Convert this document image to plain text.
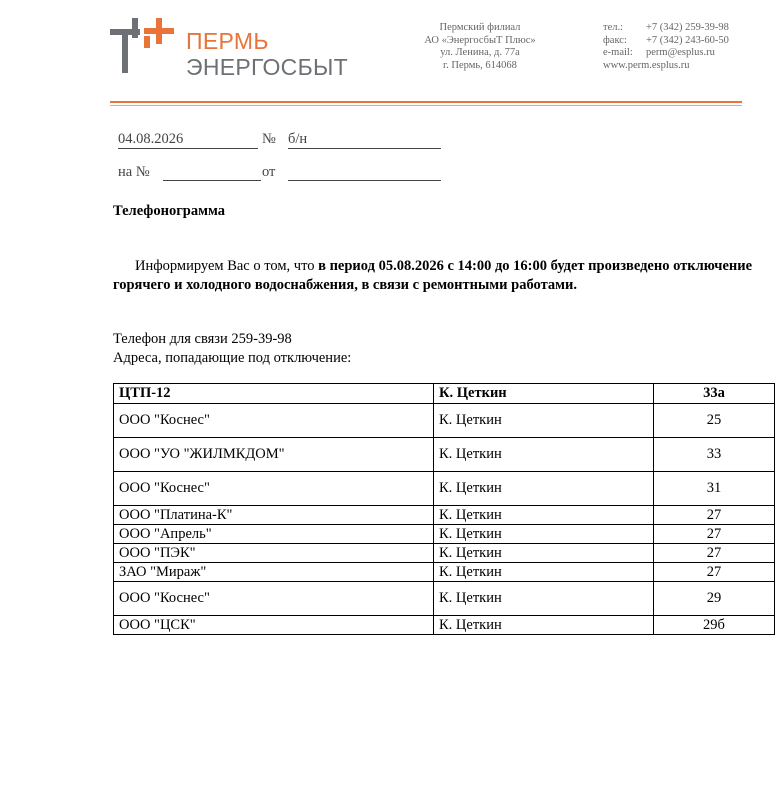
ПЕРМЬ
ЭНЕРГОСБЫТ
Пермский филиал
АО «ЭнергосбыТ Плюс»
ул. Ленина, д. 77а
г. Пермь, 614068
тел.:	+7 (342) 259-39-98
факс:	+7 (342) 243-60-50
e-mail:	perm@esplus.ru
www.perm.esplus.ru
04.08.2026	№ б/н
на №	от
Телефонограмма
Информируем Вас о том, что в период 05.08.2026 с 14:00 до 16:00 будет произведено отключение горячего и холодного водоснабжения, в связи с ремонтными работами.
Телефон для связи 259-39-98
Адреса, попадающие под отключение:
ЦТП-12	К. Цеткин	33а
ООО "Коснес"	К. Цеткин	25
ООО "УО "ЖИЛМКДОМ"	К. Цеткин	33
ООО "Коснес"	К. Цеткин	31
ООО "Платина-К"	К. Цеткин	27
ООО "Апрель"	К. Цеткин	27
ООО "ПЭК"	К. Цеткин	27
ЗАО "Мираж"	К. Цеткин	27
ООО "Коснес"	К. Цеткин	29
ООО "ЦСК"	К. Цеткин	29б
